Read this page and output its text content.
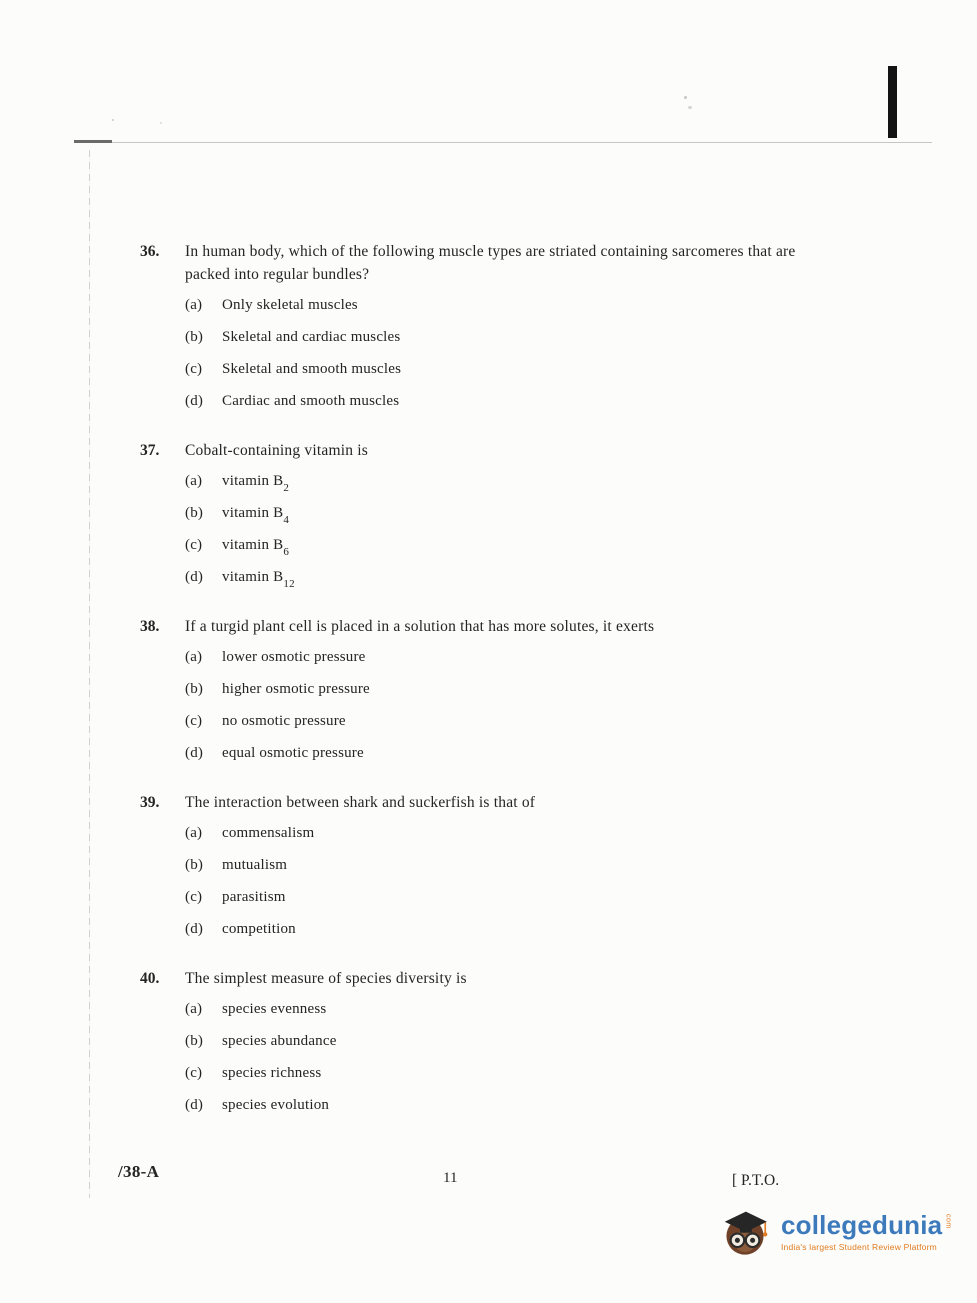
36.	In human body, which of the following muscle types are striated containing sarcomeres that are packed into regular bundles?
(a)	Only skeletal muscles
(b)	Skeletal and cardiac muscles
(c)	Skeletal and smooth muscles
(d)	Cardiac and smooth muscles
37.	Cobalt-containing vitamin is
(a)	vitamin $B_2$
(b)	vitamin $B_4$
(c)	vitamin $B_6$
(d)	vitamin $B_{12}$
38.	If a turgid plant cell is placed in a solution that has more solutes, it exerts
(a)	lower osmotic pressure
(b)	higher osmotic pressure
(c)	no osmotic pressure
(d)	equal osmotic pressure
39.	The interaction between shark and suckerfish is that of
(a)	commensalism
(b)	mutualism
(c)	parasitism
(d)	competition
40.	The simplest measure of species diversity is
(a)	species evenness
(b)	species abundance
(c)	species richness
(d)	species evolution
/38-A	11	[ P.T.O.
collegedunia com
India's largest Student Review Platform
